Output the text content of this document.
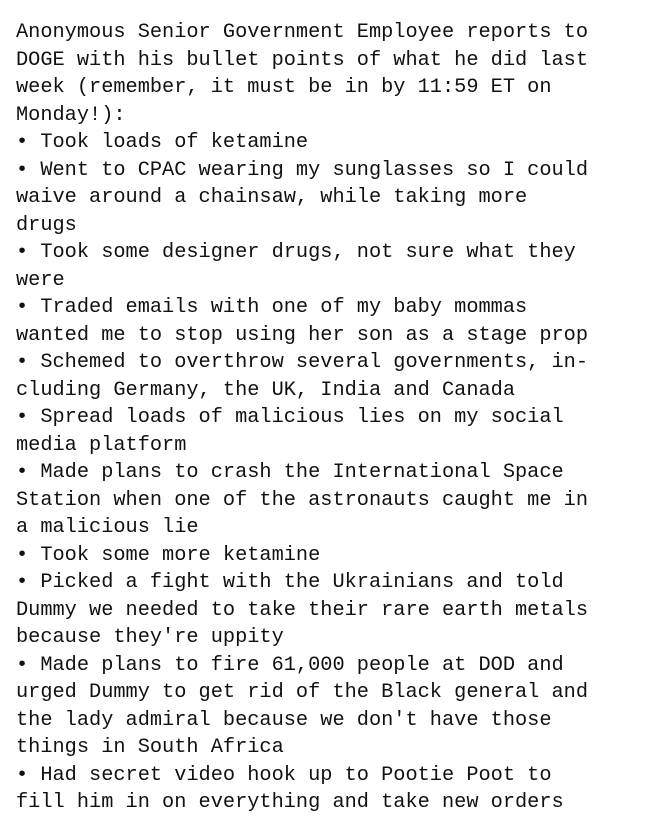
Anonymous Senior Government Employee reports to
DOGE with his bullet points of what he did last
week (remember, it must be in by 11:59 ET on
Monday!):
• Took loads of ketamine
• Went to CPAC wearing my sunglasses so I could
waive around a chainsaw, while taking more
drugs
• Took some designer drugs, not sure what they
were
• Traded emails with one of my baby mommas
wanted me to stop using her son as a stage prop
• Schemed to overthrow several governments, in-
cluding Germany, the UK, India and Canada
• Spread loads of malicious lies on my social
media platform
• Made plans to crash the International Space
Station when one of the astronauts caught me in
a malicious lie
• Took some more ketamine
• Picked a fight with the Ukrainians and told
Dummy we needed to take their rare earth metals
because they're uppity
• Made plans to fire 61,000 people at DOD and
urged Dummy to get rid of the Black general and
the lady admiral because we don't have those
things in South Africa
• Had secret video hook up to Pootie Poot to
fill him in on everything and take new orders
